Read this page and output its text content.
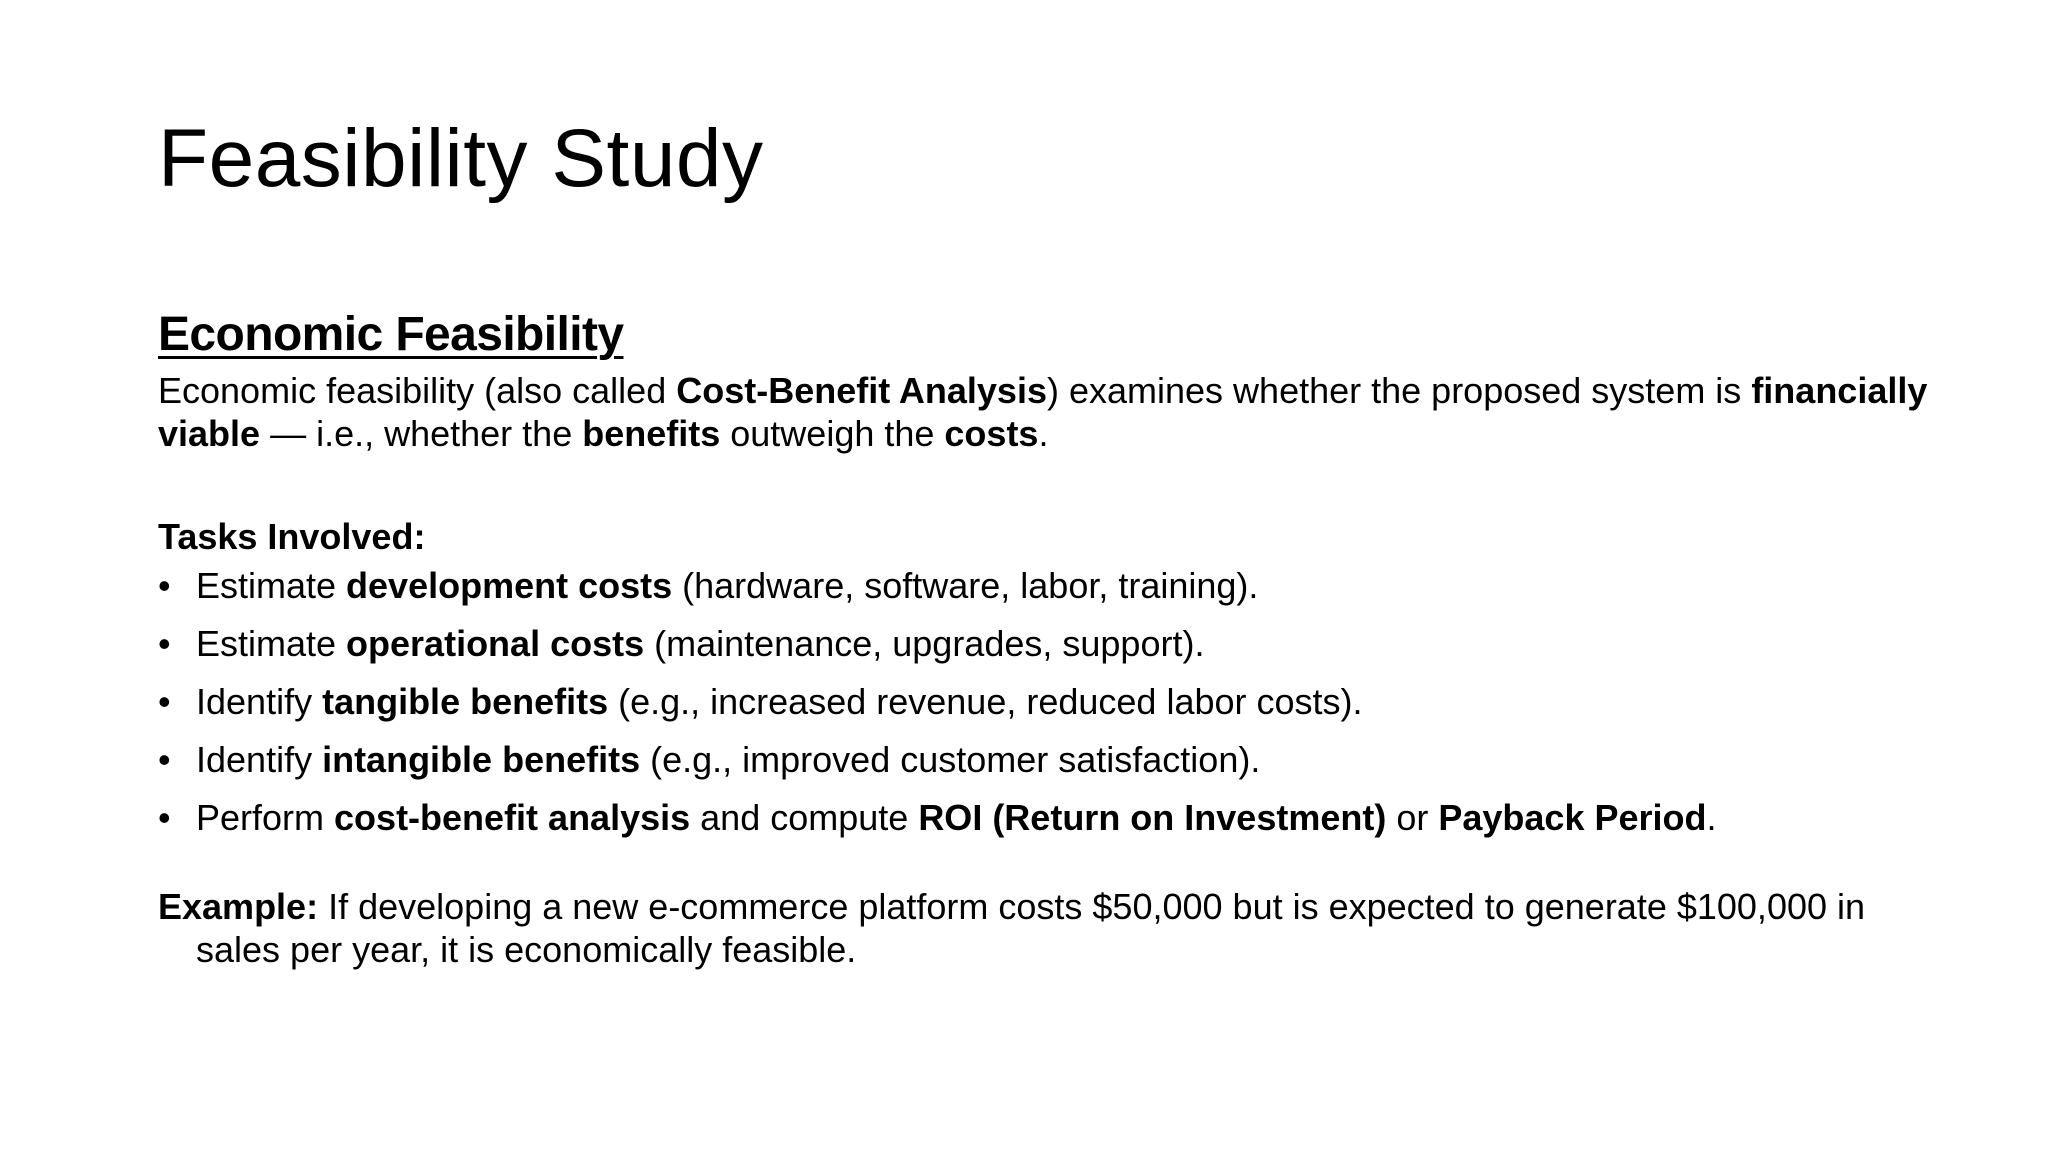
Feasibility Study
Economic Feasibility

Economic feasibility (also called Cost-Benefit Analysis) examines whether the proposed system is financially viable — i.e., whether the benefits outweigh the costs.

Tasks Involved:
• Estimate development costs (hardware, software, labor, training).
• Estimate operational costs (maintenance, upgrades, support).
• Identify tangible benefits (e.g., increased revenue, reduced labor costs).
• Identify intangible benefits (e.g., improved customer satisfaction).
• Perform cost-benefit analysis and compute ROI (Return on Investment) or Payback Period.

Example: If developing a new e-commerce platform costs $50,000 but is expected to generate $100,000 in sales per year, it is economically feasible.
